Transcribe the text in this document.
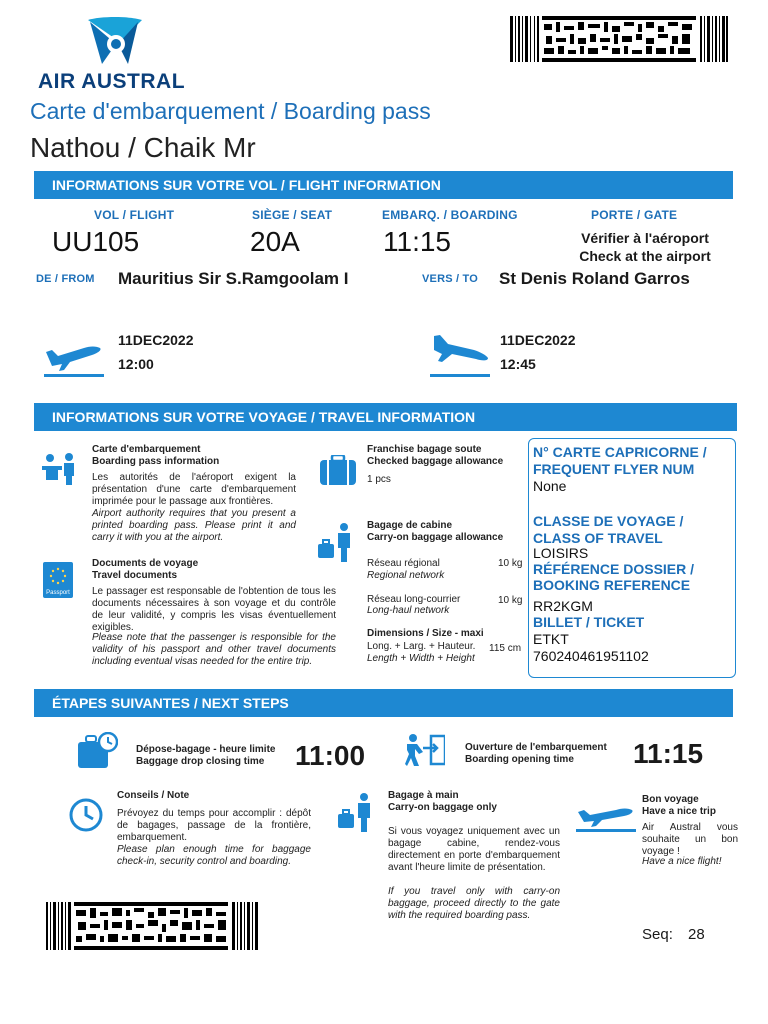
AIR AUSTRAL
Carte d'embarquement / Boarding pass
Nathou / Chaik Mr
INFORMATIONS SUR VOTRE VOL / FLIGHT INFORMATION
VOL / FLIGHT	SIÈGE / SEAT	EMBARQ. / BOARDING	PORTE / GATE
UU105	20A	11:15	Vérifier à l'aéroport
Check at the airport
DE / FROM Mauritius Sir S.Ramgoolam I	VERS / TO St Denis Roland Garros
11DEC2022
12:00
11DEC2022
12:45
INFORMATIONS SUR VOTRE VOYAGE / TRAVEL INFORMATION
Carte d'embarquement
Boarding pass information
Les autorités de l'aéroport exigent la présentation d'une carte d'embarquement imprimée pour le passage aux frontières.
Airport authority requires that you present a printed boarding pass. Please print it and carry it with you at the airport.
Passport
Documents de voyage
Travel documents
Le passager est responsable de l'obtention de tous les documents nécessaires à son voyage et du contrôle de leur validité, y compris les visas éventuellement exigibles.
Please note that the passenger is responsible for the validity of his passport and other travel documents including eventual visas needed for the entire trip.
Franchise bagage soute
Checked baggage allowance
1 pcs
Bagage de cabine
Carry-on baggage allowance
Réseau régional
Regional network
10 kg
Réseau long-courrier
Long-haul network
10 kg
Dimensions / Size - maxi
Long. + Larg. + Hauteur.
Length + Width + Height
115 cm
N° CARTE CAPRICORNE /
FREQUENT FLYER NUM
None
CLASSE DE VOYAGE /
CLASS OF TRAVEL
LOISIRS
RÉFÉRENCE DOSSIER /
BOOKING REFERENCE
RR2KGM
BILLET / TICKET
ETKT
760240461951102
ÉTAPES SUIVANTES / NEXT STEPS
Dépose-bagage - heure limite
Baggage drop closing time	11:00	Ouverture de l'embarquement
Boarding opening time	11:15
Conseils / Note
Prévoyez du temps pour accomplir : dépôt de bagages, passage de la frontière, embarquement.
Please plan enough time for baggage check-in, security control and boarding.
Bagage à main
Carry-on baggage only
Si vous voyagez uniquement avec un bagage cabine, rendez-vous directement en porte d'embarquement avant l'heure limite de présentation.
If you travel only with carry-on baggage, proceed directly to the gate with the required boarding pass.
Bon voyage
Have a nice trip
Air Austral vous souhaite un bon voyage !
Have a nice flight!
Seq: 28
